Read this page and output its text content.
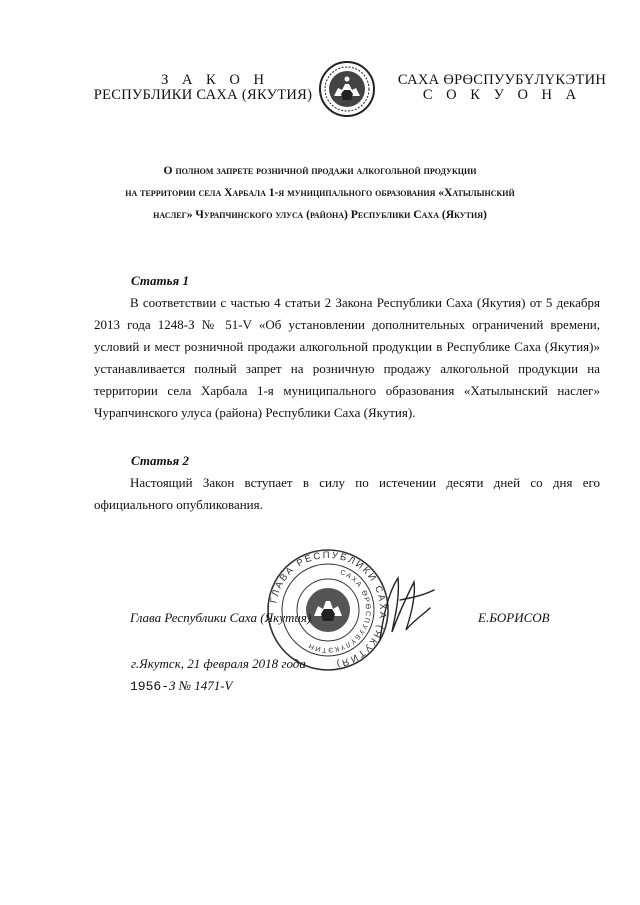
З А К О Н
РЕСПУБЛИКИ САХА (ЯКУТИЯ)
САХА ӨРӨСПУУБҮЛҮКЭТИН
С О К У О Н А
О полном запрете розничной продажи алкогольной продукции
на территории села Харбала 1-я муниципального образования «Хатылынский
наслег» Чурапчинского улуса (района) Республики Саха (Якутия)
Статья 1

В соответствии с частью 4 статьи 2 Закона Республики Саха (Якутия) от 5 декабря 2013 года 1248-З № 51-V «Об установлении дополнительных ограничений времени, условий и мест розничной продажи алкогольной продукции в Республике Саха (Якутия)» устанавливается полный запрет на розничную продажу алкогольной продукции на территории села Харбала 1-я муниципального образования «Хатылынский наслег» Чурапчинского улуса (района) Республики Саха (Якутия).

Статья 2

Настоящий Закон вступает в силу по истечении десяти дней со дня его официального опубликования.

ГЛАВА РЕСПУБЛИКИ САХА (ЯКУТИЯ)
САХА ӨРӨСПУУБҮЛҮКЭТИН
Глава Республики Саха (Якутия)	Е.БОРИСОВ
г.Якутск, 21 февраля 2018 года
1956-З № 1471-V
